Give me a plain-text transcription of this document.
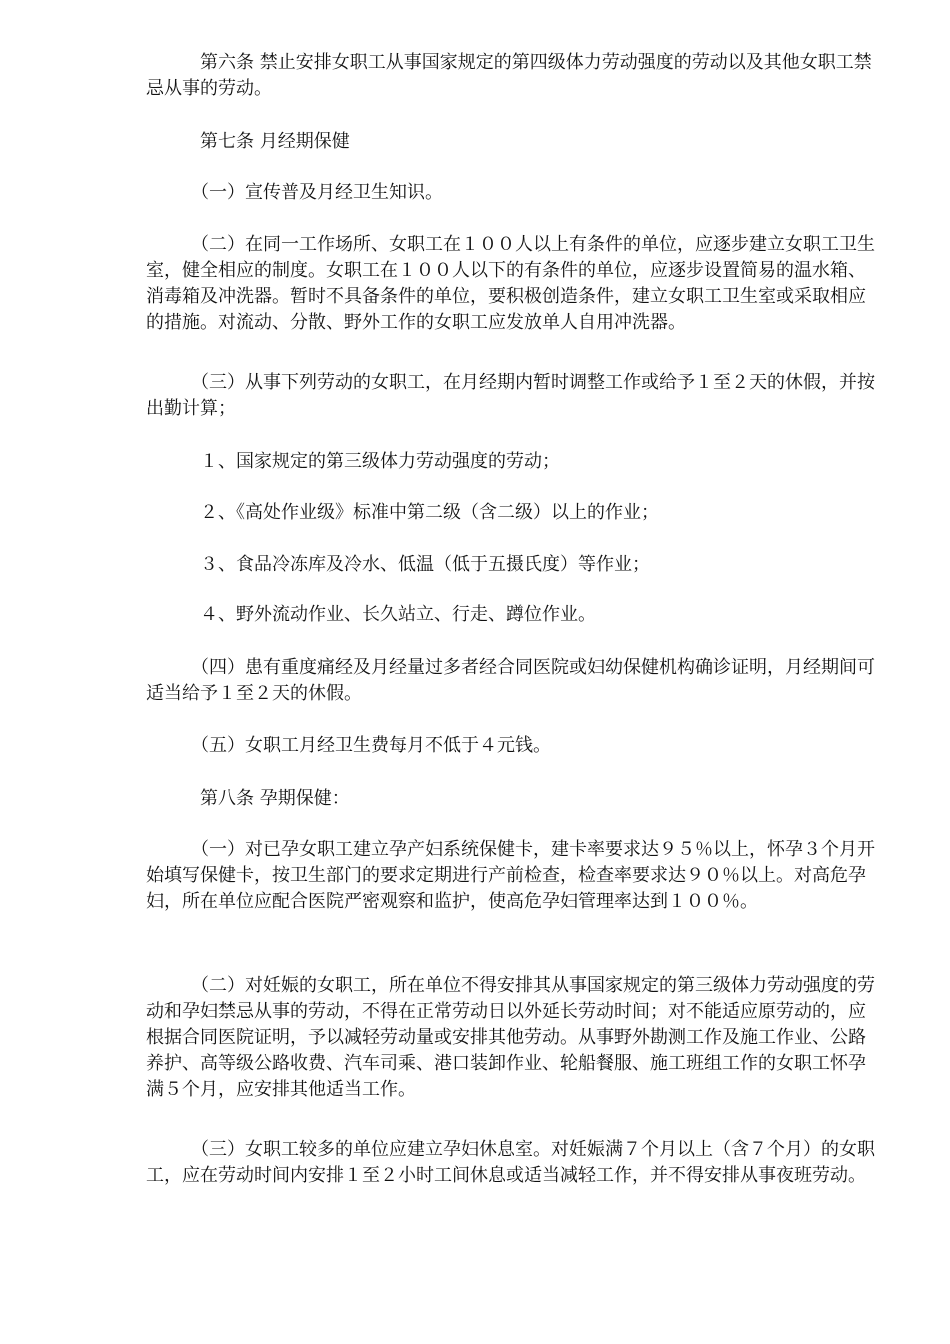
　　　第六条 禁止安排女职工从事国家规定的第四级体力劳动强度的劳动以及其他女职工禁忌从事的劳动。

　　　第七条 月经期保健

　　　（一）宣传普及月经卫生知识。

　　　（二）在同一工作场所、女职工在１００人以上有条件的单位，应逐步建立女职工卫生室，健全相应的制度。女职工在１００人以下的有条件的单位，应逐步设置简易的温水箱、消毒箱及冲洗器。暂时不具备条件的单位，要积极创造条件，建立女职工卫生室或采取相应的措施。对流动、分散、野外工作的女职工应发放单人自用冲洗器。

　　　（三）从事下列劳动的女职工，在月经期内暂时调整工作或给予１至２天的休假，并按出勤计算；

　　　１、国家规定的第三级体力劳动强度的劳动；

　　　２、《高处作业级》标准中第二级（含二级）以上的作业；

　　　３、食品冷冻库及冷水、低温（低于五摄氏度）等作业；

　　　４、野外流动作业、长久站立、行走、蹲位作业。

　　　（四）患有重度痛经及月经量过多者经合同医院或妇幼保健机构确诊证明，月经期间可适当给予１至２天的休假。

　　　（五）女职工月经卫生费每月不低于４元钱。

　　　第八条 孕期保健：

　　　（一）对已孕女职工建立孕产妇系统保健卡，建卡率要求达９５％以上，怀孕３个月开始填写保健卡，按卫生部门的要求定期进行产前检查，检查率要求达９０％以上。对高危孕妇，所在单位应配合医院严密观察和监护，使高危孕妇管理率达到１００％。

　　　（二）对妊娠的女职工，所在单位不得安排其从事国家规定的第三级体力劳动强度的劳动和孕妇禁忌从事的劳动，不得在正常劳动日以外延长劳动时间；对不能适应原劳动的，应根据合同医院证明，予以减轻劳动量或安排其他劳动。从事野外勘测工作及施工作业、公路养护、高等级公路收费、汽车司乘、港口装卸作业、轮船餐服、施工班组工作的女职工怀孕满５个月，应安排其他适当工作。

　　　（三）女职工较多的单位应建立孕妇休息室。对妊娠满７个月以上（含７个月）的女职工，应在劳动时间内安排１至２小时工间休息或适当减轻工作，并不得安排从事夜班劳动。
